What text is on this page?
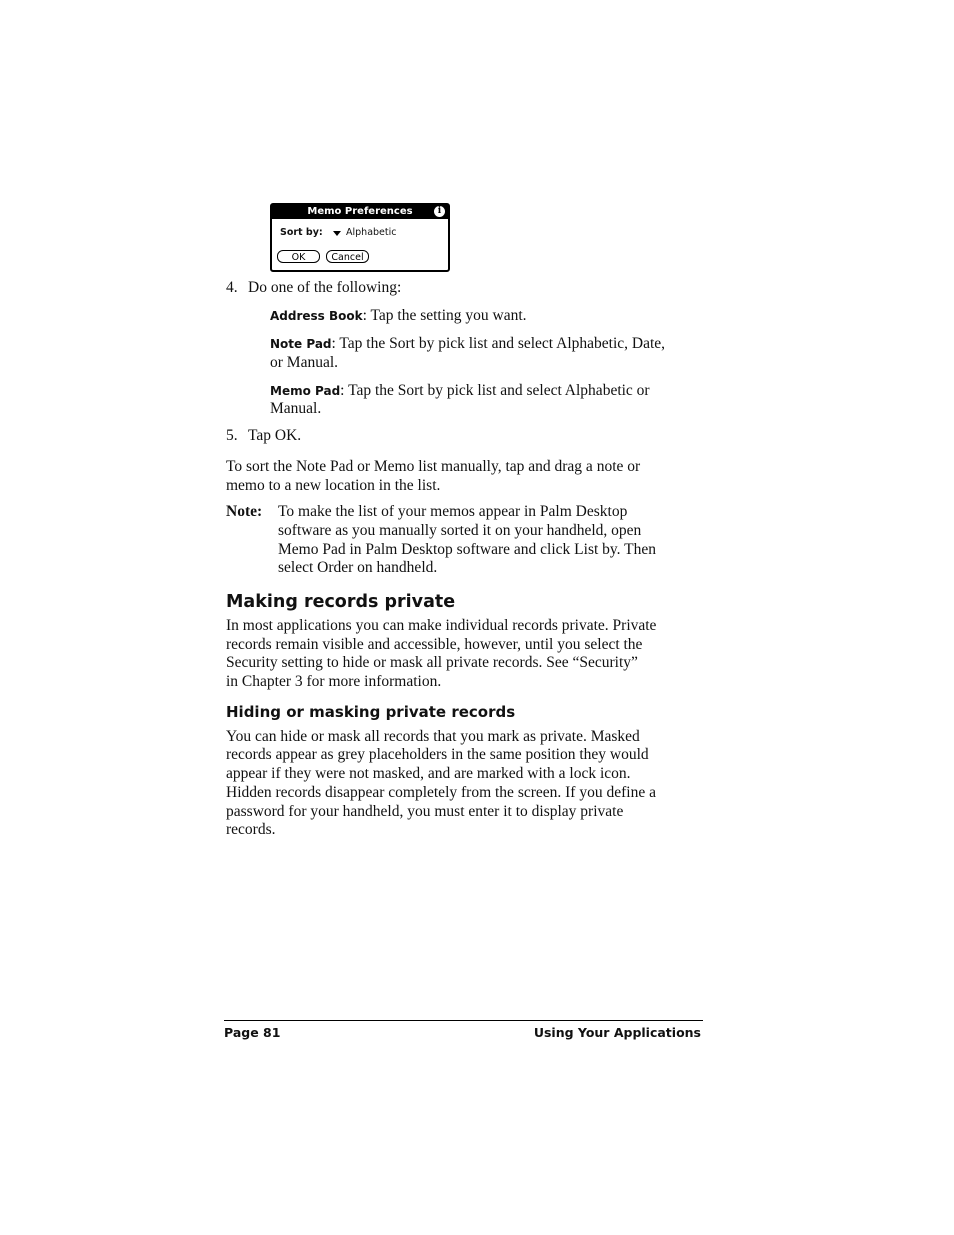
Memo Preferences	i
Sort by: Alphabetic
OK	Cancel
4. Do one of the following:
Address Book: Tap the setting you want.
Note Pad: Tap the Sort by pick list and select Alphabetic, Date,
or Manual.
Memo Pad: Tap the Sort by pick list and select Alphabetic or
Manual.
5. Tap OK.
To sort the Note Pad or Memo list manually, tap and drag a note or
memo to a new location in the list.
Note: To make the list of your memos appear in Palm Desktop
software as you manually sorted it on your handheld, open
Memo Pad in Palm Desktop software and click List by. Then
select Order on handheld.
Making records private
In most applications you can make individual records private. Private
records remain visible and accessible, however, until you select the
Security setting to hide or mask all private records. See “Security”
in Chapter 3 for more information.
Hiding or masking private records
You can hide or mask all records that you mark as private. Masked
records appear as grey placeholders in the same position they would
appear if they were not masked, and are marked with a lock icon.
Hidden records disappear completely from the screen. If you define a
password for your handheld, you must enter it to display private
records.
Page 81	Using Your Applications
